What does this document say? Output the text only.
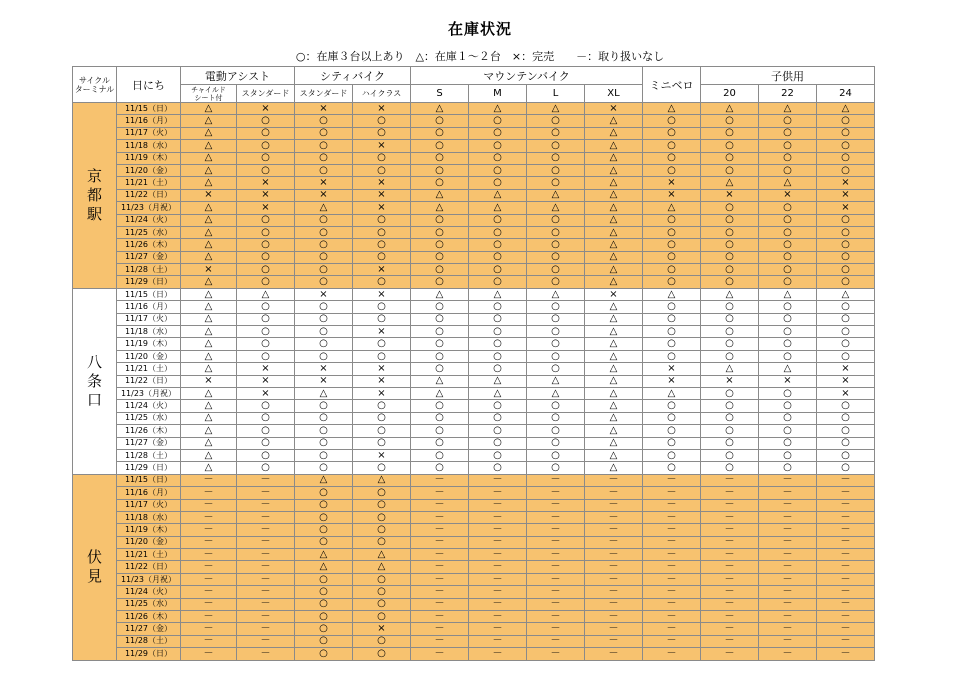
在庫状況
○：在庫３台以上あり　△：在庫１～２台　×：完売　　－：取り扱いなし
サイクル
ターミナル	日にち	電動アシスト		シティバイク		マウンテンバイク				ミニベロ	子供用		
		チャイルド
シート付	スタンダード	スタンダード	ハイクラス	S	M	L	XL		20	22	24
京都駅	11/15（日）	△	×	×	×	△	△	△	×	△	△	△	△
	11/16（月）	△	○	○	○	○	○	○	△	○	○	○	○
	11/17（火）	△	○	○	○	○	○	○	△	○	○	○	○
	11/18（水）	△	○	○	×	○	○	○	△	○	○	○	○
	11/19（木）	△	○	○	○	○	○	○	△	○	○	○	○
	11/20（金）	△	○	○	○	○	○	○	△	○	○	○	○
	11/21（土）	△	×	×	×	○	○	○	△	×	△	△	×
	11/22（日）	×	×	×	×	△	△	△	△	×	×	×	×
	11/23（月祝）	△	×	△	×	△	△	△	△	△	○	○	×
	11/24（火）	△	○	○	○	○	○	○	△	○	○	○	○
	11/25（水）	△	○	○	○	○	○	○	△	○	○	○	○
	11/26（木）	△	○	○	○	○	○	○	△	○	○	○	○
	11/27（金）	△	○	○	○	○	○	○	△	○	○	○	○
	11/28（土）	×	○	○	×	○	○	○	△	○	○	○	○
	11/29（日）	△	○	○	○	○	○	○	△	○	○	○	○
八条口	11/15（日）	△	△	×	×	△	△	△	×	△	△	△	△
	11/16（月）	△	○	○	○	○	○	○	△	○	○	○	○
	11/17（火）	△	○	○	○	○	○	○	△	○	○	○	○
	11/18（水）	△	○	○	×	○	○	○	△	○	○	○	○
	11/19（木）	△	○	○	○	○	○	○	△	○	○	○	○
	11/20（金）	△	○	○	○	○	○	○	△	○	○	○	○
	11/21（土）	△	×	×	×	○	○	○	△	×	△	△	×
	11/22（日）	×	×	×	×	△	△	△	△	×	×	×	×
	11/23（月祝）	△	×	△	×	△	△	△	△	△	○	○	×
	11/24（火）	△	○	○	○	○	○	○	△	○	○	○	○
	11/25（水）	△	○	○	○	○	○	○	△	○	○	○	○
	11/26（木）	△	○	○	○	○	○	○	△	○	○	○	○
	11/27（金）	△	○	○	○	○	○	○	△	○	○	○	○
	11/28（土）	△	○	○	×	○	○	○	△	○	○	○	○
	11/29（日）	△	○	○	○	○	○	○	△	○	○	○	○
伏見	11/15（日）	－	－	△	△	－	－	－	－	－	－	－	－
	11/16（月）	－	－	○	○	－	－	－	－	－	－	－	－
	11/17（火）	－	－	○	○	－	－	－	－	－	－	－	－
	11/18（水）	－	－	○	○	－	－	－	－	－	－	－	－
	11/19（木）	－	－	○	○	－	－	－	－	－	－	－	－
	11/20（金）	－	－	○	○	－	－	－	－	－	－	－	－
	11/21（土）	－	－	△	△	－	－	－	－	－	－	－	－
	11/22（日）	－	－	△	△	－	－	－	－	－	－	－	－
	11/23（月祝）	－	－	○	○	－	－	－	－	－	－	－	－
	11/24（火）	－	－	○	○	－	－	－	－	－	－	－	－
	11/25（水）	－	－	○	○	－	－	－	－	－	－	－	－
	11/26（木）	－	－	○	○	－	－	－	－	－	－	－	－
	11/27（金）	－	－	○	×	－	－	－	－	－	－	－	－
	11/28（土）	－	－	○	○	－	－	－	－	－	－	－	－
	11/29（日）	－	－	○	○	－	－	－	－	－	－	－	－
